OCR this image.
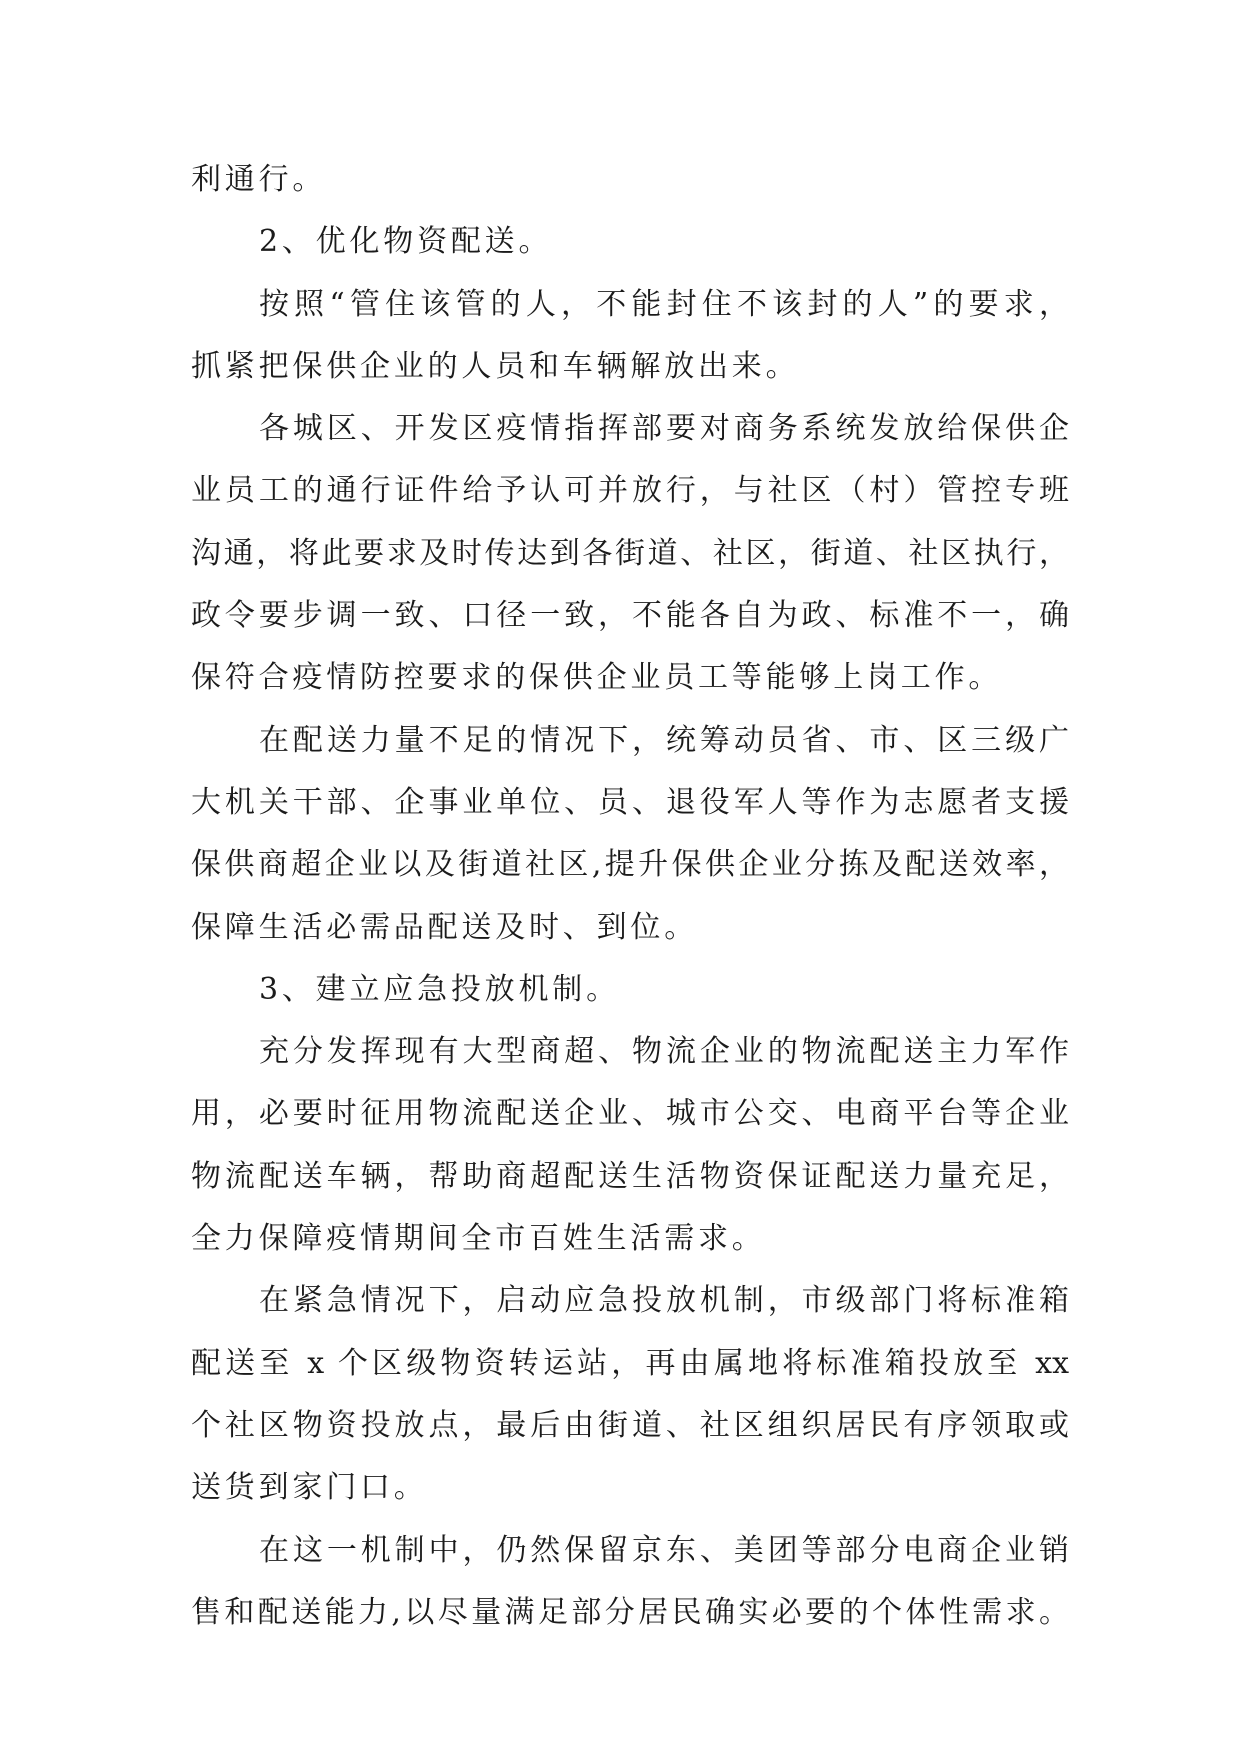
利通行。
2、优化物资配送。
按照“管住该管的人，不能封住不该封的人”的要求，
抓紧把保供企业的人员和车辆解放出来。
各城区、开发区疫情指挥部要对商务系统发放给保供企
业员工的通行证件给予认可并放行，与社区（村）管控专班
沟通，将此要求及时传达到各街道、社区，街道、社区执行，
政令要步调一致、口径一致，不能各自为政、标准不一，确
保符合疫情防控要求的保供企业员工等能够上岗工作。
在配送力量不足的情况下，统筹动员省、市、区三级广
大机关干部、企事业单位、员、退役军人等作为志愿者支援
保供商超企业以及街道社区,提升保供企业分拣及配送效率，
保障生活必需品配送及时、到位。
3、建立应急投放机制。
充分发挥现有大型商超、物流企业的物流配送主力军作
用，必要时征用物流配送企业、城市公交、电商平台等企业
物流配送车辆，帮助商超配送生活物资保证配送力量充足，
全力保障疫情期间全市百姓生活需求。
在紧急情况下，启动应急投放机制，市级部门将标准箱
配送至 x 个区级物资转运站，再由属地将标准箱投放至 xx
个社区物资投放点，最后由街道、社区组织居民有序领取或
送货到家门口。
在这一机制中，仍然保留京东、美团等部分电商企业销
售和配送能力,以尽量满足部分居民确实必要的个体性需求。
